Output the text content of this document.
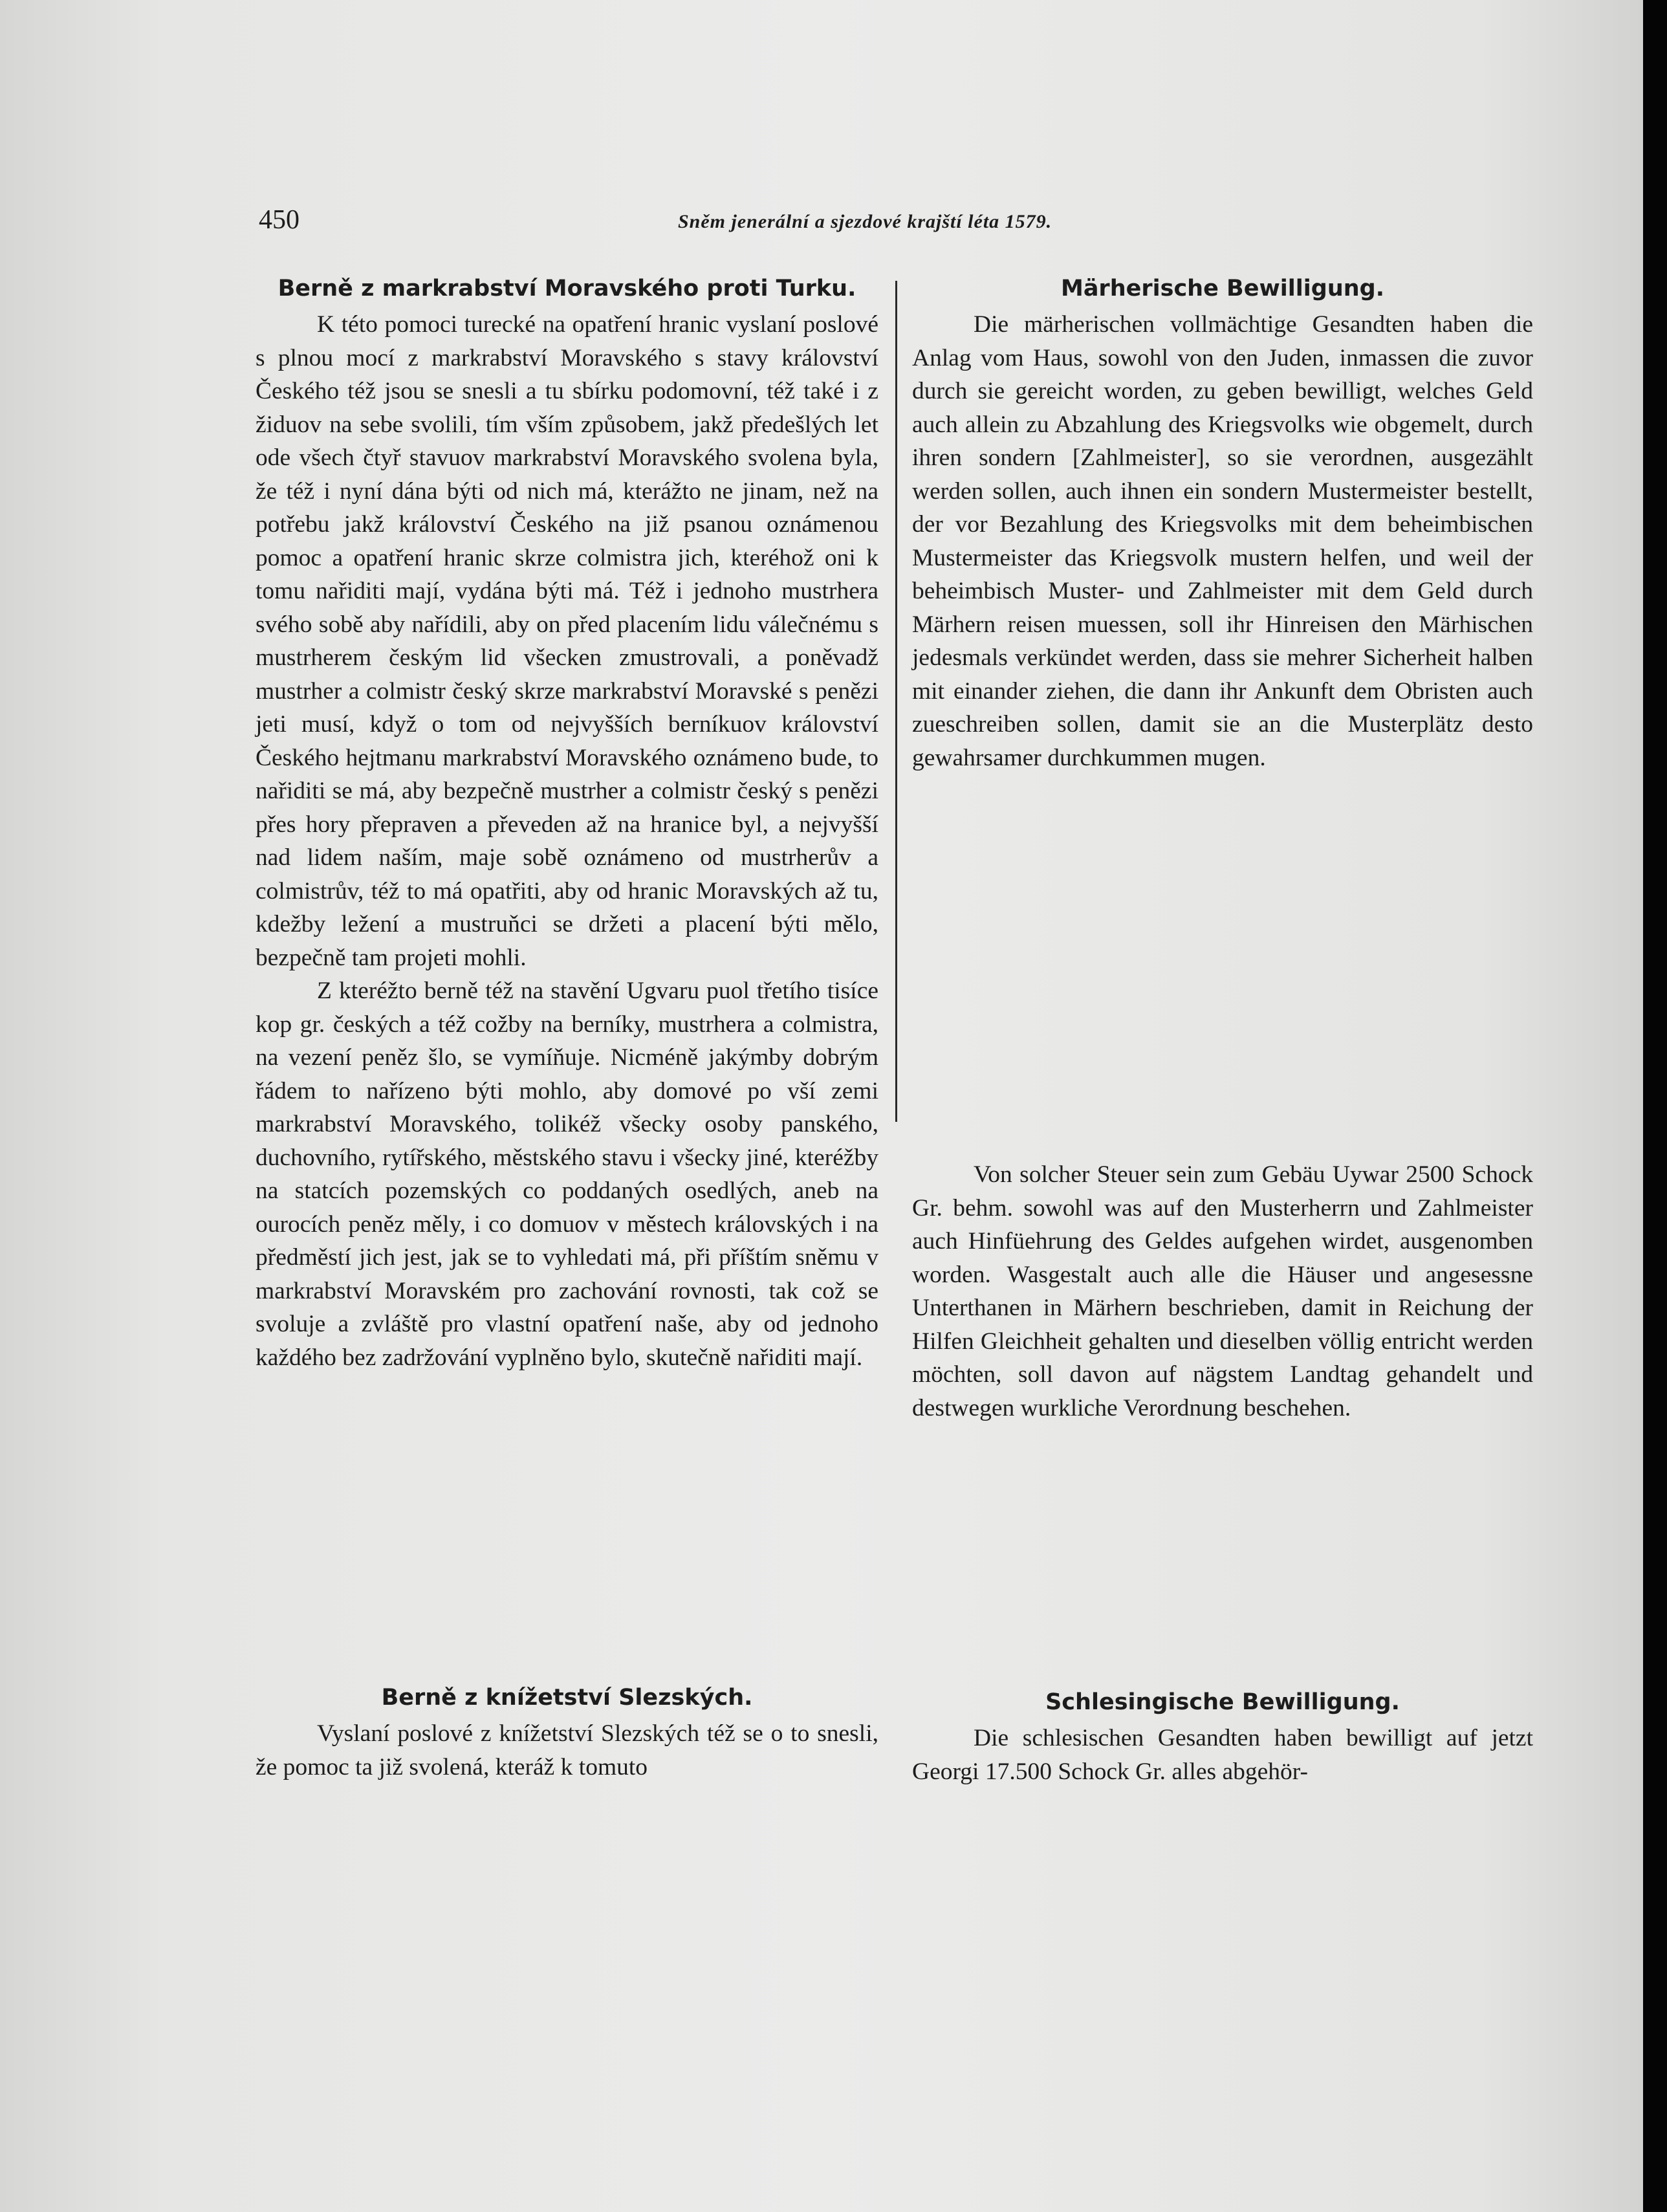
450	Sněm jenerální a sjezdové krajští léta 1579.
Berně z markrabství Moravského proti Turku.

K této pomoci turecké na opatření hranic vyslaní poslové s plnou mocí z markrabství Moravského s stavy království Českého též jsou se snesli a tu sbírku podomovní, též také i z židuov na sebe svolili, tím vším způsobem, jakž předešlých let ode všech čtyř stavuov markrabství Moravského svolena byla, že též i nyní dána býti od nich má, kterážto ne jinam, než na potřebu jakž království Českého na již psanou oznámenou pomoc a opatření hranic skrze colmistra jich, kteréhož oni k tomu nařiditi mají, vydána býti má. Též i jednoho mustrhera svého sobě aby nařídili, aby on před placením lidu válečnému s mustrherem českým lid všecken zmustrovali, a poněvadž mustrher a colmistr český skrze markrabství Moravské s penězi jeti musí, když o tom od nejvyšších berníkuov království Českého hejtmanu markrabství Moravského oznámeno bude, to nařiditi se má, aby bezpečně mustrher a colmistr český s penězi přes hory přepraven a převeden až na hranice byl, a nejvyšší nad lidem naším, maje sobě oznámeno od mustrherův a colmistrův, též to má opatřiti, aby od hranic Moravských až tu, kdežby ležení a mustruňci se držeti a placení býti mělo, bezpečně tam projeti mohli.

Z kteréžto berně též na stavění Ugvaru puol třetího tisíce kop gr. českých a též cožby na berníky, mustrhera a colmistra, na vezení peněz šlo, se vymíňuje. Nicméně jakýmby dobrým řádem to nařízeno býti mohlo, aby domové po vší zemi markrabství Moravského, tolikéž všecky osoby panského, duchovního, rytířského, městského stavu i všecky jiné, kteréžby na statcích pozemských co poddaných osedlých, aneb na ourocích peněz měly, i co domuov v městech královských i na předměstí jich jest, jak se to vyhledati má, při příštím sněmu v markrabství Moravském pro zachování rovnosti, tak což se svoluje a zvláště pro vlastní opatření naše, aby od jednoho každého bez zadržování vyplněno bylo, skutečně nařiditi mají.

Berně z knížetství Slezských.

Vyslaní poslové z knížetství Slezských též se o to snesli, že pomoc ta již svolená, kteráž k tomuto

Märherische Bewilligung.

Die märherischen vollmächtige Gesandten haben die Anlag vom Haus, sowohl von den Juden, inmassen die zuvor durch sie gereicht worden, zu geben bewilligt, welches Geld auch allein zu Abzahlung des Kriegsvolks wie obgemelt, durch ihren sondern [Zahlmeister], so sie verordnen, ausgezählt werden sollen, auch ihnen ein sondern Mustermeister bestellt, der vor Bezahlung des Kriegsvolks mit dem beheimbischen Mustermeister das Kriegsvolk mustern helfen, und weil der beheimbisch Muster- und Zahlmeister mit dem Geld durch Märhern reisen muessen, soll ihr Hinreisen den Märhischen jedesmals verkündet werden, dass sie mehrer Sicherheit halben mit einander ziehen, die dann ihr Ankunft dem Obristen auch zueschreiben sollen, damit sie an die Musterplätz desto gewahrsamer durchkummen mugen.

Von solcher Steuer sein zum Gebäu Uywar 2500 Schock Gr. behm. sowohl was auf den Musterherrn und Zahlmeister auch Hinfüehrung des Geldes aufgehen wirdet, ausgenomben worden. Wasgestalt auch alle die Häuser und angesessne Unterthanen in Märhern beschrieben, damit in Reichung der Hilfen Gleichheit gehalten und dieselben völlig entricht werden möchten, soll davon auf nägstem Landtag gehandelt und destwegen wurkliche Verordnung beschehen.

Schlesingische Bewilligung.

Die schlesischen Gesandten haben bewilligt auf jetzt Georgi 17.500 Schock Gr. alles abgehör-
